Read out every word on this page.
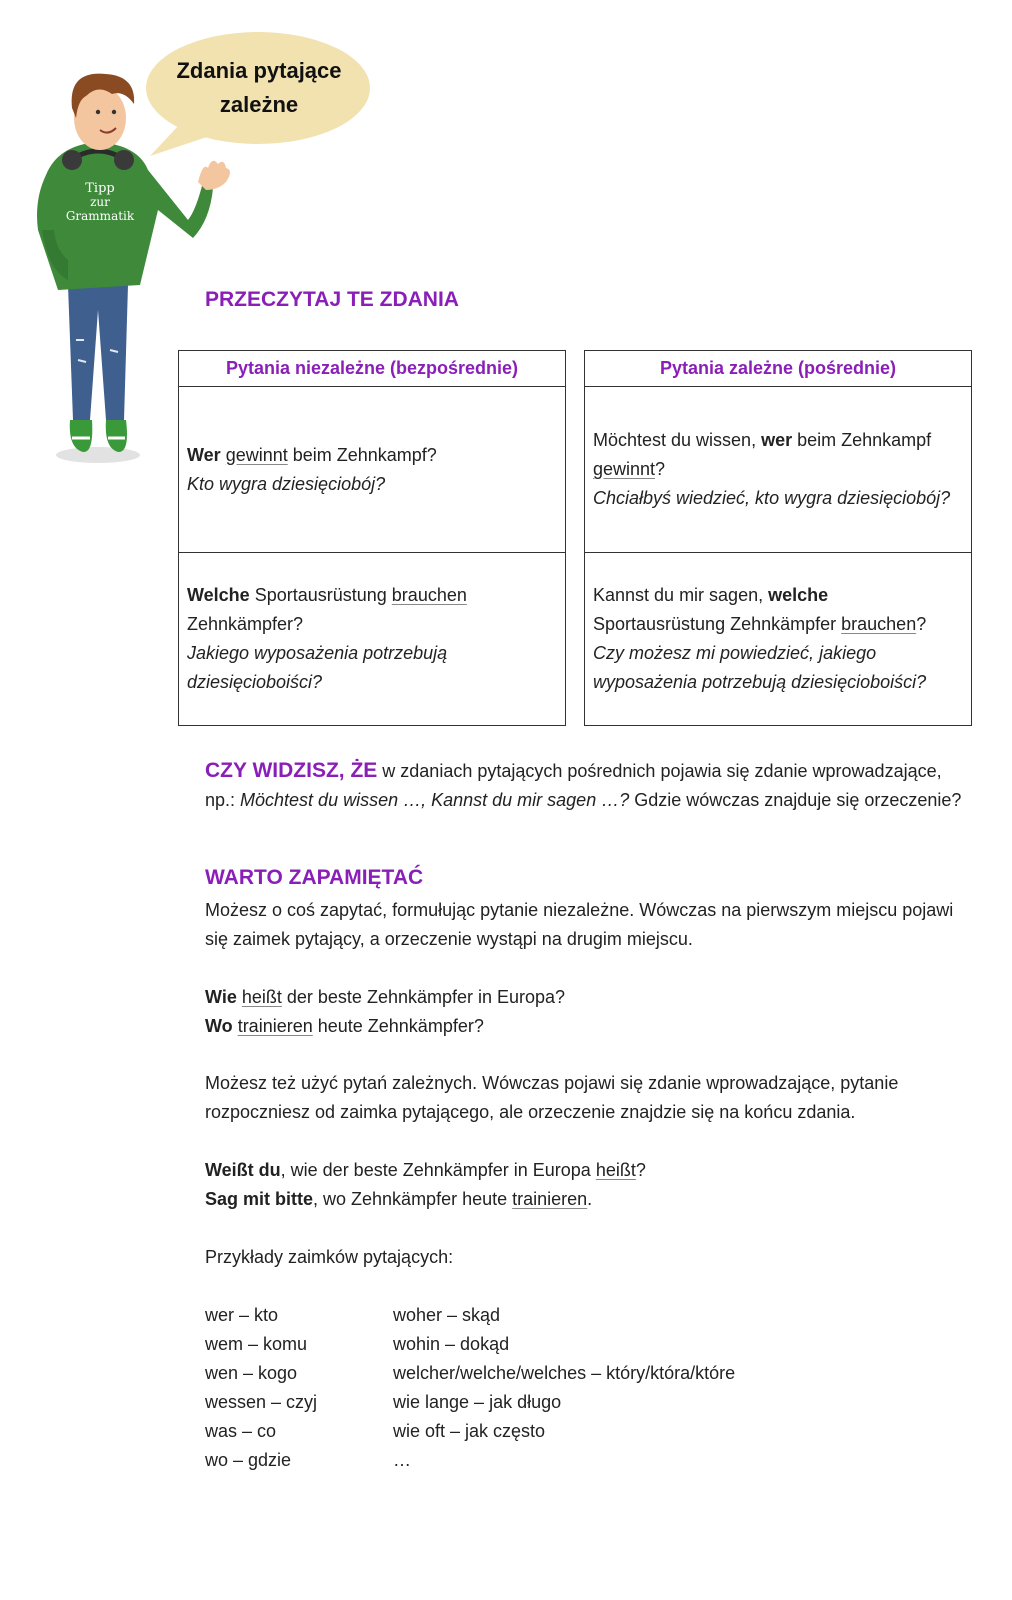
Tipp
zur
Grammatik
Zdania pytające
zależne
PRZECZYTAJ TE ZDANIA
Pytania niezależne (bezpośrednie)
Wer gewinnt beim Zehnkampf?
Kto wygra dziesięciobój?
Welche Sportausrüstung brauchen Zehnkämpfer?
Jakiego wyposażenia potrzebują dziesięcioboiści?
Pytania zależne (pośrednie)
Möchtest du wissen, wer beim Zehnkampf gewinnt?
Chciałbyś wiedzieć, kto wygra dziesięciobój?
Kannst du mir sagen, welche Sportausrüstung Zehnkämpfer brauchen?
Czy możesz mi powiedzieć, jakiego wyposażenia potrzebują dziesięcioboiści?
CZY WIDZISZ, ŻE w zdaniach pytających pośrednich pojawia się zdanie wprowadzające, np.: Möchtest du wissen …, Kannst du mir sagen …? Gdzie wówczas znajduje się orzeczenie?
WARTO ZAPAMIĘTAĆ
Możesz o coś zapytać, formułując pytanie niezależne. Wówczas na pierwszym miejscu pojawi się zaimek pytający, a orzeczenie wystąpi na drugim miejscu.
Wie heißt der beste Zehnkämpfer in Europa?
Wo trainieren heute Zehnkämpfer?
Możesz też użyć pytań zależnych. Wówczas pojawi się zdanie wprowadzające, pytanie rozpoczniesz od zaimka pytającego, ale orzeczenie znajdzie się na końcu zdania.
Weißt du, wie der beste Zehnkämpfer in Europa heißt?
Sag mit bitte, wo Zehnkämpfer heute trainieren.
Przykłady zaimków pytających:
wer – kto
wem – komu
wen – kogo
wessen – czyj
was – co
wo – gdzie
woher – skąd
wohin – dokąd
welcher/welche/welches – który/która/które
wie lange – jak długo
wie oft – jak często
…
